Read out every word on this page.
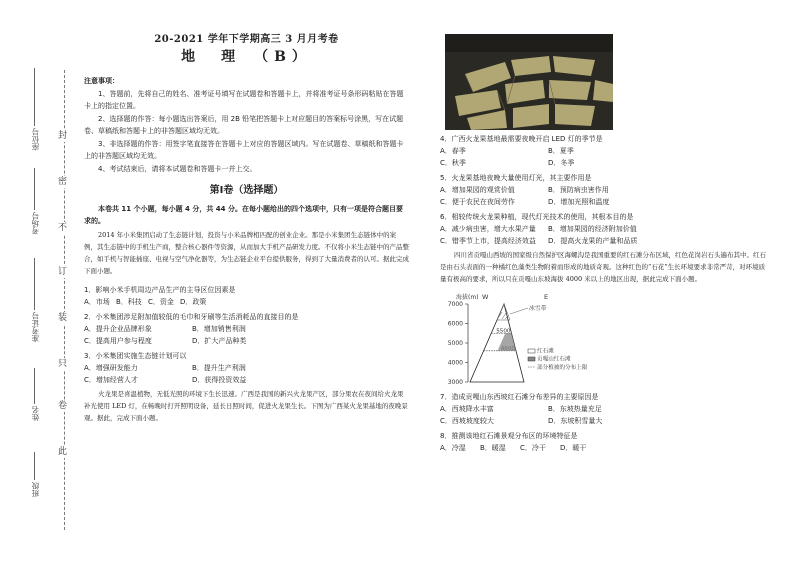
封
密
不
订
装
只
卷
此
座位号
考场号
准考证号
姓名
班级
20-2021 学年下学期高三 3 月月考卷
地　理　（B）
注意事项：

1、答题前，先将自己的姓名、准考证号填写在试题卷和答题卡上，并将准考证号条形码粘贴在答题卡上的指定位置。

2、选择题的作答：每小题选出答案后，用 2B 铅笔把答题卡上对应题目的答案标号涂黑，写在试题卷、草稿纸和答题卡上的非答题区域均无效。

3、非选择题的作答：用签字笔直接答在答题卡上对应的答题区域内。写在试题卷、草稿纸和答题卡上的非答题区域均无效。

4、考试结束后，请将本试题卷和答题卡一并上交。

第Ⅰ卷（选择题）

本卷共 11 个小题，每小题 4 分，共 44 分。在每小题给出的四个选项中，只有一项是符合题目要求的。

2014 年小米集团启动了生态链计划，投资与小米品牌相匹配的创业企业。那是小米集团生态链体中的案例，其生态链中的手机生产商，整合核心器件等资源，从而加大手机产品研发力度。不仅将小米生态链中的产品整合，如手机与智能插座、电视与空气净化器等，为生态链企业平台提供服务，得到了大量消费者的认可。据此完成下面小题。

1．影响小米手机周边产品生产的主导区位因素是
A．市场 B．科技 C．资金 D．政策
2．小米集团涉足附加值较低的毛巾和牙刷等生活消耗品的直接目的是
A．提升企业品牌形象	B．增加销售利润
C．提高用户参与程度	D．扩大产品种类
3．小米集团实施生态链计划可以
A．增强研发能力	B．提升生产利润
C．增加经营人才	D．获得投资效益

火龙果是喜温植物，无低光照的环境下生长迅速。广西是我国的新兴火龙果产区，部分果农在夜间给火龙果补光使用 LED 灯，在畅晚时打开照明设备，延长日照时间，促进火龙果生长。下图为广西某火龙果基地的夜晚景观。据此，完成下面小题。

4．广西火龙果基地最需要夜晚开启 LED 灯的季节是
A．春季	B．夏季
C．秋季	D．冬季
5．火龙果基地夜晚大量使用灯光，其主要作用是
A．增加果园的观赏价值	B．预防病虫害作用
C．便于农民在夜间劳作	D．增加光照和温度
6．相较传统火龙果种植，现代灯光技术的使用，其根本目的是
A．减少病虫害，增大水果产量	B．增加果园的经济附加价值
C．错季节上市，提高经济效益	D．提高火龙果的产量和品质

四川省贡嘎山西坡的国家级自然保护区海螺沟是我国重要的红石滩分布区域，红色花岗岩石头遍布其中。红石是由石头表面的一种橘红色藻类生物附着而形成的地质奇观。这种红色的“石花”生长环境要求非常严苛，对环境质量有极高的要求，所以只在贡嘎山东坡海拔 4000 米以上的地区出现，据此完成下面小题。

海拔(m) W	E
3000
4000
5000
6000
7000
5500
冰雪带
红石滩
贡嘎山红石滩
部分植被的分布上限
7．造成贡嘎山东西坡红石滩分布差异的主要原因是
A．西坡降水丰富	B．东坡热量充足
C．西坡坡度较大	D．东坡积雪量大
8．推测该地红石滩景观分布区的环境特征是
A．冷湿	B．暖湿	C．冷干	D．暖干
